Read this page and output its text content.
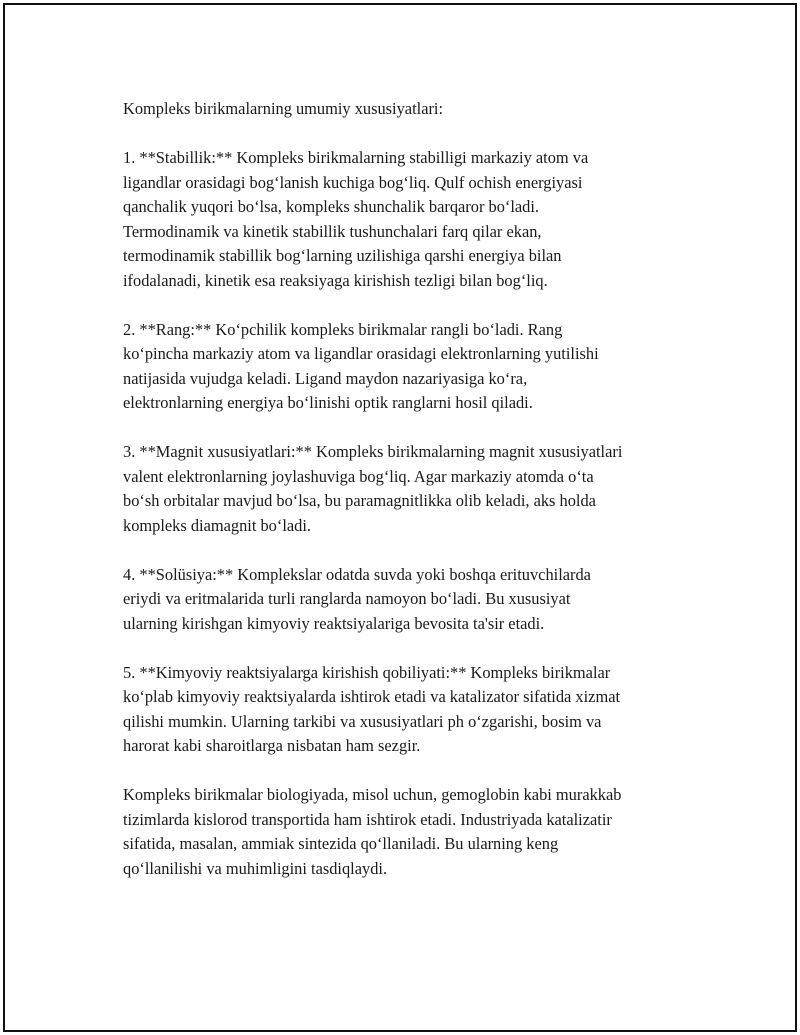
Kompleks birikmalarning umumiy xususiyatlari:

1. **Stabillik:** Kompleks birikmalarning stabilligi markaziy atom va
ligandlar orasidagi bog‘lanish kuchiga bog‘liq. Qulf ochish energiyasi
qanchalik yuqori bo‘lsa, kompleks shunchalik barqaror bo‘ladi.
Termodinamik va kinetik stabillik tushunchalari farq qilar ekan,
termodinamik stabillik bog‘larning uzilishiga qarshi energiya bilan
ifodalanadi, kinetik esa reaksiyaga kirishish tezligi bilan bog‘liq.

2. **Rang:** Ko‘pchilik kompleks birikmalar rangli bo‘ladi. Rang
ko‘pincha markaziy atom va ligandlar orasidagi elektronlarning yutilishi
natijasida vujudga keladi. Ligand maydon nazariyasiga ko‘ra,
elektronlarning energiya bo‘linishi optik ranglarni hosil qiladi.

3. **Magnit xususiyatlari:** Kompleks birikmalarning magnit xususiyatlari
valent elektronlarning joylashuviga bog‘liq. Agar markaziy atomda o‘ta
bo‘sh orbitalar mavjud bo‘lsa, bu paramagnitlikka olib keladi, aks holda
kompleks diamagnit bo‘ladi.

4. **Solüsiya:** Komplekslar odatda suvda yoki boshqa erituvchilarda
eriydi va eritmalarida turli ranglarda namoyon bo‘ladi. Bu xususiyat
ularning kirishgan kimyoviy reaktsiyalariga bevosita ta'sir etadi.

5. **Kimyoviy reaktsiyalarga kirishish qobiliyati:** Kompleks birikmalar
ko‘plab kimyoviy reaktsiyalarda ishtirok etadi va katalizator sifatida xizmat
qilishi mumkin. Ularning tarkibi va xususiyatlari ph o‘zgarishi, bosim va
harorat kabi sharoitlarga nisbatan ham sezgir.

Kompleks birikmalar biologiyada, misol uchun, gemoglobin kabi murakkab
tizimlarda kislorod transportida ham ishtirok etadi. Industriyada katalizatir
sifatida, masalan, ammiak sintezida qo‘llaniladi. Bu ularning keng
qo‘llanilishi va muhimligini tasdiqlaydi.
